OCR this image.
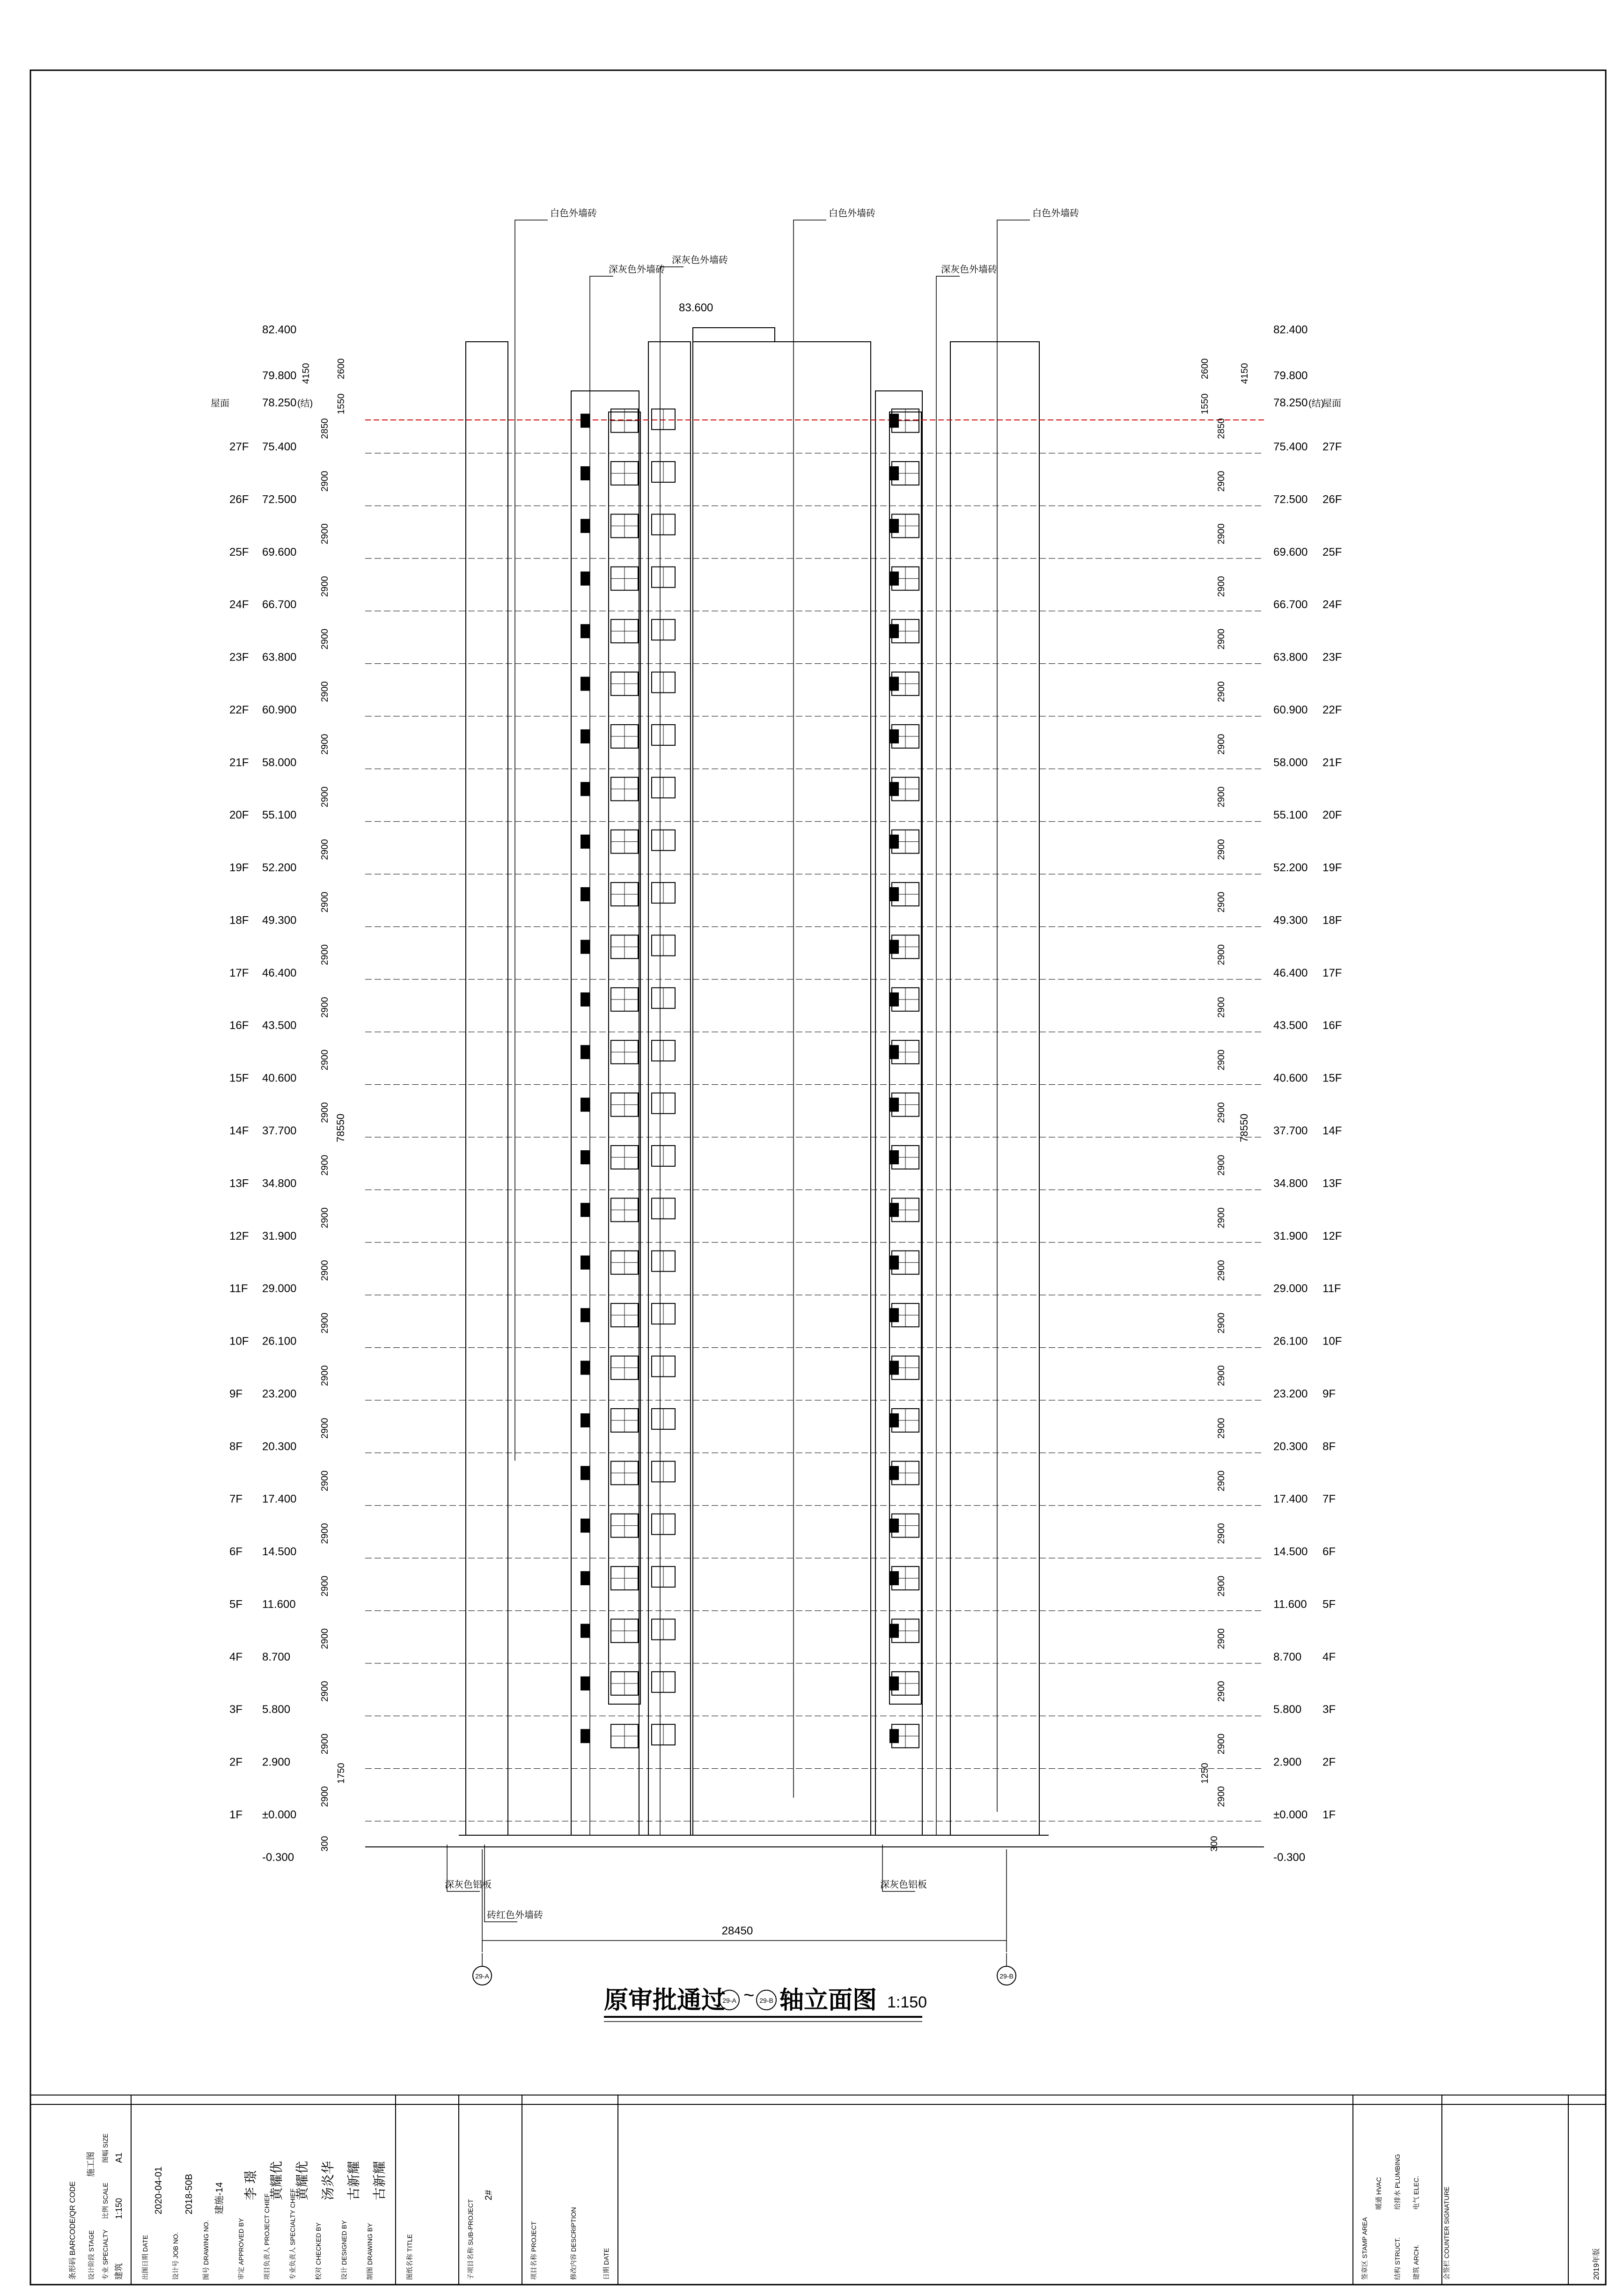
27F 75.400
2850
26F 72.500
2900
25F 69.600
2900
24F 66.700
2900
23F 63.800
2900
22F 60.900
2900
21F 58.000
2900
20F 55.100
2900
19F 52.200
2900
18F 49.300
2900
17F 46.400
2900
16F 43.500
2900
15F 40.600
2900
14F 37.700
2900
13F 34.800
2900
12F 31.900
2900
11F 29.000
2900
10F 26.100
2900
9F 23.200
2900
8F 20.300
2900
7F 17.400
2900
6F 14.500
2900
5F 11.600
2900
4F 8.700
2900
3F 5.800
2900
2F 2.900
2900
1F ±0.000
2900
75.400 27F
2850
72.500 26F
2900
69.600 25F
2900
66.700 24F
2900
63.800 23F
2900
60.900 22F
2900
58.000 21F
2900
55.100 20F
2900
52.200 19F
2900
49.300 18F
2900
46.400 17F
2900
43.500 16F
2900
40.600 15F
2900
37.700 14F
2900
34.800 13F
2900
31.900 12F
2900
29.000 11F
2900
26.100 10F
2900
23.200 9F
2900
20.300 8F
2900
17.400 7F
2900
14.500 6F
2900
11.600 5F
2900
8.700 4F
2900
5.800 3F
2900
2.900 2F
2900
±0.000 1F
2900
82.400	82.400
83.600
79.800	79.800
78.250	78.250
(结)	(结)
屋面	屋面
-0.300	-0.300
78550	78550
2600	2600
1550	1550
4150	4150
300	300
1750	1250
白色外墙砖	白色外墙砖	白色外墙砖
深灰色外墙砖
深灰色外墙砖
深灰色外墙砖
深灰色铝板	深灰色铝板
砖红色外墙砖
28450
29-A	29-B
原审批通过
29-A ~ 29-B 轴立面图 1:150
条形码 BARCODE/QR CODE	专业 SPECIALTY 建筑
比例 SCALE 1:150
图幅 SIZE A1
设计阶段 STAGE
施工图
出图日期 DATE
2020-04-01
设计号 JOB NO.
2018-50B
图号 DRAWING NO.
建施-14
审定 APPROVED BY
李 璟
项目负责人 PROJECT CHIEF
黄耀优
专业负责人 SPECIALTY CHIEF
黄耀优
校对 CHECKED BY
汤炎华
设计 DESIGNED BY
古新耀
制图 DRAWING BY
古新耀
图纸名称 TITLE	子项目名称 SUB-PROJECT
2#
项目名称 PROJECT	修改内容 DESCRIPTION	日期 DATE	签章区 STAMP AREA	会签栏 COUNTER SIGNATURE
建筑 ARCH.
结构 STRUCT.
电气 ELEC.
给排水 PLUMBING
暖通 HVAC
2019年版
